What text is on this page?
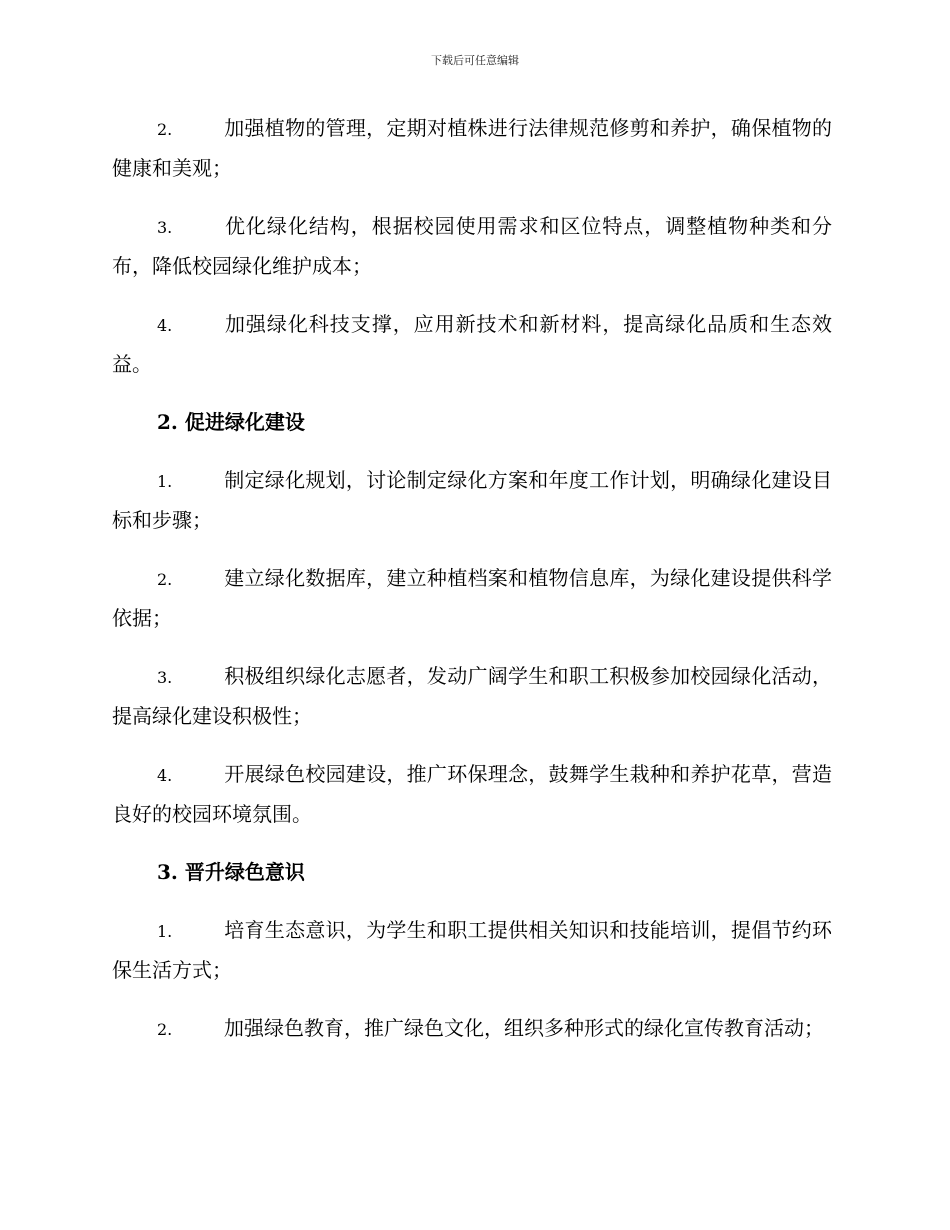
下载后可任意编辑

2.	加强植物的管理，定期对植株进行法律规范修剪和养护，确保植物的健康和美观；

3.	优化绿化结构，根据校园使用需求和区位特点，调整植物种类和分布，降低校园绿化维护成本；

4.	加强绿化科技支撑，应用新技术和新材料，提高绿化品质和生态效益。

2. 促进绿化建设

1.	制定绿化规划，讨论制定绿化方案和年度工作计划，明确绿化建设目标和步骤；

2.	建立绿化数据库，建立种植档案和植物信息库，为绿化建设提供科学依据；

3.	积极组织绿化志愿者，发动广阔学生和职工积极参加校园绿化活动，提高绿化建设积极性；

4.	开展绿色校园建设，推广环保理念，鼓舞学生栽种和养护花草，营造良好的校园环境氛围。

3. 晋升绿色意识

1.	培育生态意识，为学生和职工提供相关知识和技能培训，提倡节约环保生活方式；

2.	加强绿色教育，推广绿色文化，组织多种形式的绿化宣传教育活动；
